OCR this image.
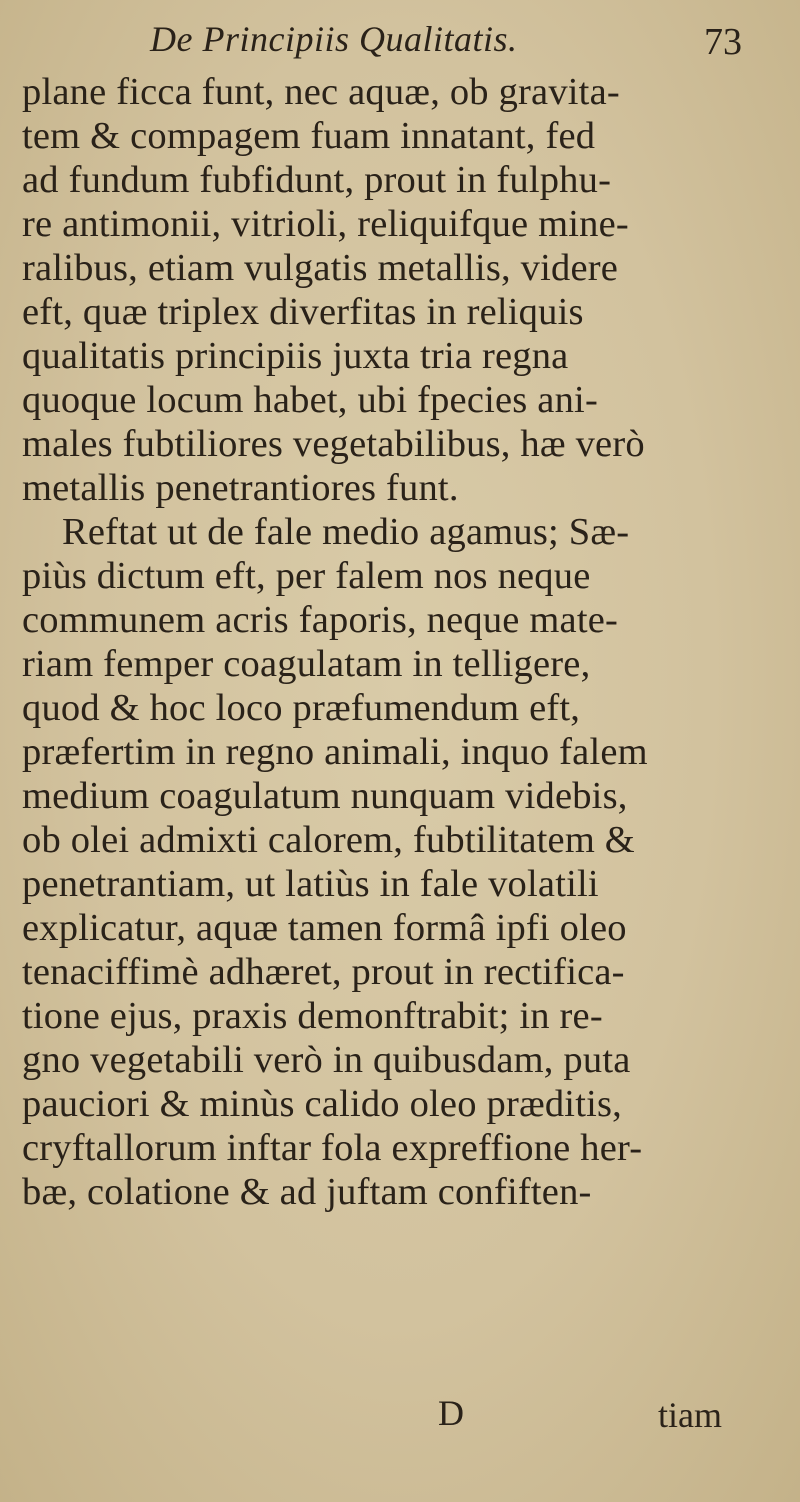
De Principiis Qualitatis.	73
plane ficca funt, nec aquæ, ob gravita-
tem & compagem fuam innatant, fed
ad fundum fubfidunt, prout in fulphu-
re antimonii, vitrioli, reliquifque mine-
ralibus, etiam vulgatis metallis, videre
eft, quæ triplex diverfitas in reliquis
qualitatis principiis juxta tria regna
quoque locum habet, ubi fpecies ani-
males fubtiliores vegetabilibus, hæ verò
metallis penetrantiores funt.
Reftat ut de fale medio agamus; Sæ-
piùs dictum eft, per falem nos neque
communem acris faporis, neque mate-
riam femper coagulatam in telligere,
quod & hoc loco præfumendum eft,
præfertim in regno animali, inquo falem
medium coagulatum nunquam videbis,
ob olei admixti calorem, fubtilitatem &
penetrantiam, ut latiùs in fale volatili
explicatur, aquæ tamen formâ ipfi oleo
tenaciffimè adhæret, prout in rectifica-
tione ejus, praxis demonftrabit; in re-
gno vegetabili verò in quibusdam, puta
pauciori & minùs calido oleo præditis,
cryftallorum inftar fola expreffione her-
bæ, colatione & ad juftam confiften-
D	tiam
